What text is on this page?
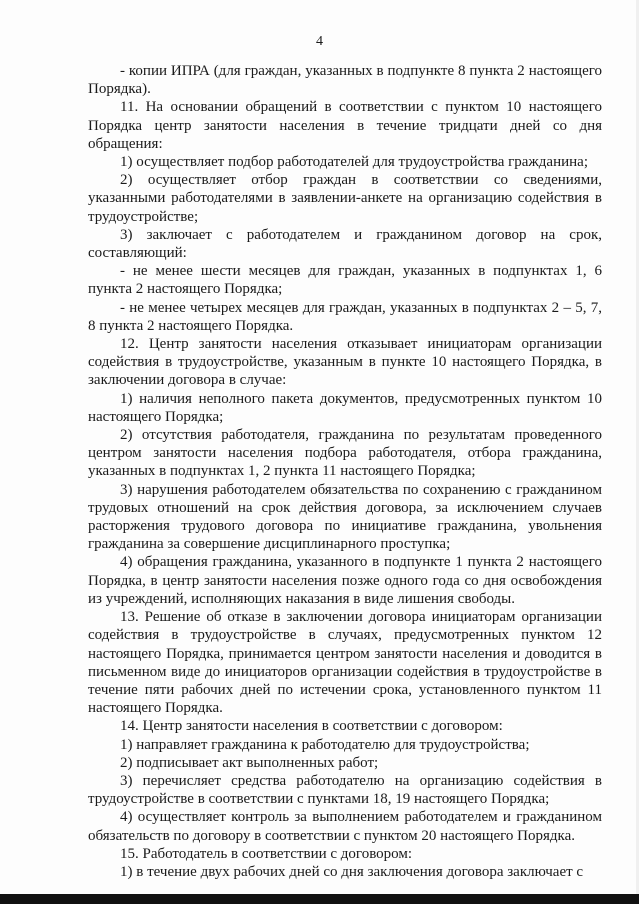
4

- копии ИПРА (для граждан, указанных в подпункте 8 пункта 2 настоящего Порядка).

11. На основании обращений в соответствии с пунктом 10 настоящего Порядка центр занятости населения в течение тридцати дней со дня обращения:

1) осуществляет подбор работодателей для трудоустройства гражданина;

2) осуществляет отбор граждан в соответствии со сведениями, указанными работодателями в заявлении-анкете на организацию содействия в трудоустройстве;

3) заключает с работодателем и гражданином договор на срок, составляющий:

- не менее шести месяцев для граждан, указанных в подпунктах 1, 6 пункта 2 настоящего Порядка;

- не менее четырех месяцев для граждан, указанных в подпунктах 2 – 5, 7, 8 пункта 2 настоящего Порядка.

12. Центр занятости населения отказывает инициаторам организации содействия в трудоустройстве, указанным в пункте 10 настоящего Порядка, в заключении договора в случае:

1) наличия неполного пакета документов, предусмотренных пунктом 10 настоящего Порядка;

2) отсутствия работодателя, гражданина по результатам проведенного центром занятости населения подбора работодателя, отбора гражданина, указанных в подпунктах 1, 2 пункта 11 настоящего Порядка;

3) нарушения работодателем обязательства по сохранению с гражданином трудовых отношений на срок действия договора, за исключением случаев расторжения трудового договора по инициативе гражданина, увольнения гражданина за совершение дисциплинарного проступка;

4) обращения гражданина, указанного в подпункте 1 пункта 2 настоящего Порядка, в центр занятости населения позже одного года со дня освобождения из учреждений, исполняющих наказания в виде лишения свободы.

13. Решение об отказе в заключении договора инициаторам организации содействия в трудоустройстве в случаях, предусмотренных пунктом 12 настоящего Порядка, принимается центром занятости населения и доводится в письменном виде до инициаторов организации содействия в трудоустройстве в течение пяти рабочих дней по истечении срока, установленного пунктом 11 настоящего Порядка.

14. Центр занятости населения в соответствии с договором:

1) направляет гражданина к работодателю для трудоустройства;

2) подписывает акт выполненных работ;

3) перечисляет средства работодателю на организацию содействия в трудоустройстве в соответствии с пунктами 18, 19 настоящего Порядка;

4) осуществляет контроль за выполнением работодателем и гражданином обязательств по договору в соответствии с пунктом 20 настоящего Порядка.

15. Работодатель в соответствии с договором:

1) в течение двух рабочих дней со дня заключения договора заключает с
